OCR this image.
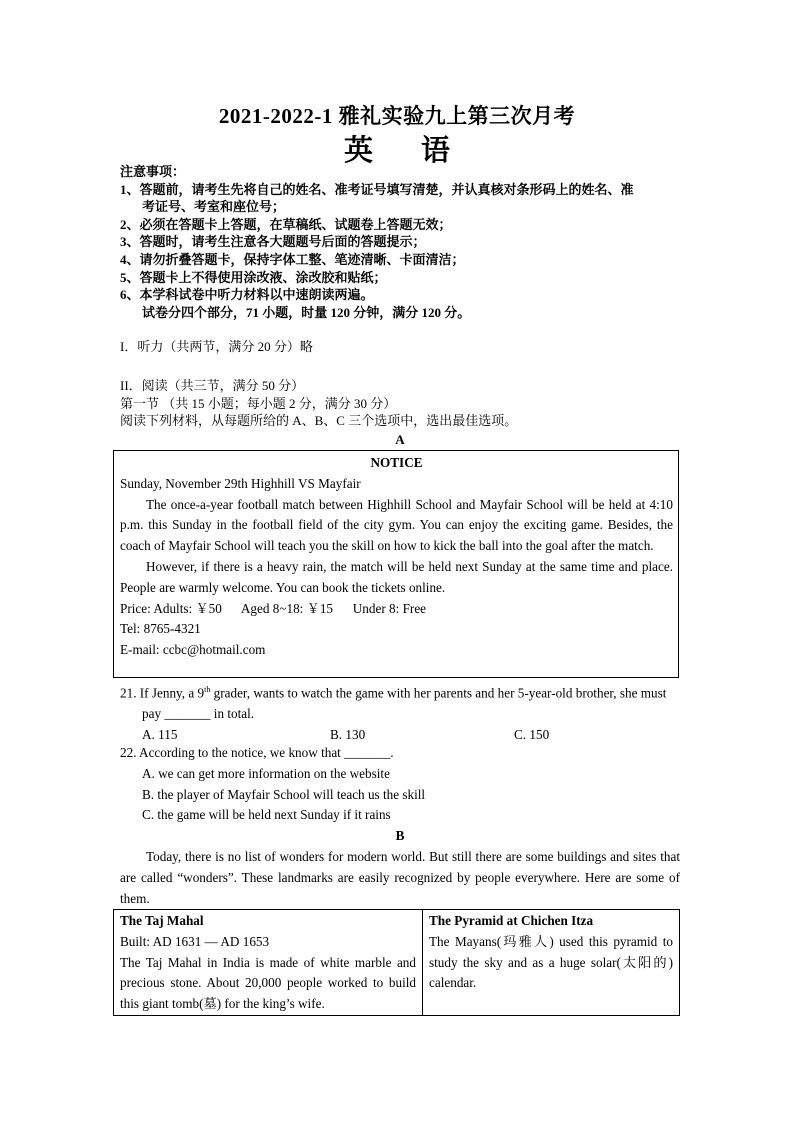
2021-2022-1 雅礼实验九上第三次月考
英 语
注意事项：
1、答题前，请考生先将自己的姓名、准考证号填写清楚，并认真核对条形码上的姓名、准
考证号、考室和座位号；
2、必须在答题卡上答题，在草稿纸、试题卷上答题无效；
3、答题时，请考生注意各大题题号后面的答题提示；
4、请勿折叠答题卡，保持字体工整、笔迹清晰、卡面清洁；
5、答题卡上不得使用涂改液、涂改胶和贴纸；
6、本学科试卷中听力材料以中速朗读两遍。
试卷分四个部分，71 小题，时量 120 分钟，满分 120 分。
I．听力（共两节，满分 20 分）略
II．阅读（共三节，满分 50 分）
第一节 （共 15 小题；每小题 2 分，满分 30 分）
阅读下列材料，从每题所给的 A、B、C 三个选项中，选出最佳选项。
A

NOTICE

Sunday, November 29th Highhill VS Mayfair

The once-a-year football match between Highhill School and Mayfair School will be held at 4:10 p.m. this Sunday in the football field of the city gym. You can enjoy the exciting game. Besides, the coach of Mayfair School will teach you the skill on how to kick the ball into the goal after the match.

However, if there is a heavy rain, the match will be held next Sunday at the same time and place. People are warmly welcome. You can book the tickets online.

Price: Adults: ￥50      Aged 8~18: ￥15      Under 8: Free

Tel: 8765-4321

E-mail: ccbc@hotmail.com

21. If Jenny, a 9th grader, wants to watch the game with her parents and her 5-year-old brother, she must pay _______ in total.

A. 115	B. 130	C. 150

22. According to the notice, we know that _______.

A. we can get more information on the website

B. the player of Mayfair School will teach us the skill

C. the game will be held next Sunday if it rains

B

Today, there is no list of wonders for modern world. But still there are some buildings and sites that are called “wonders”. These landmarks are easily recognized by people everywhere. Here are some of them.

The Taj Mahal

Built: AD 1631 — AD 1653

The Taj Mahal in India is made of white marble and precious stone. About 20,000 people worked to build this giant tomb(墓) for the king’s wife.

The Pyramid at Chichen Itza

The Mayans(玛雅人) used this pyramid to study the sky and as a huge solar(太阳的) calendar.
